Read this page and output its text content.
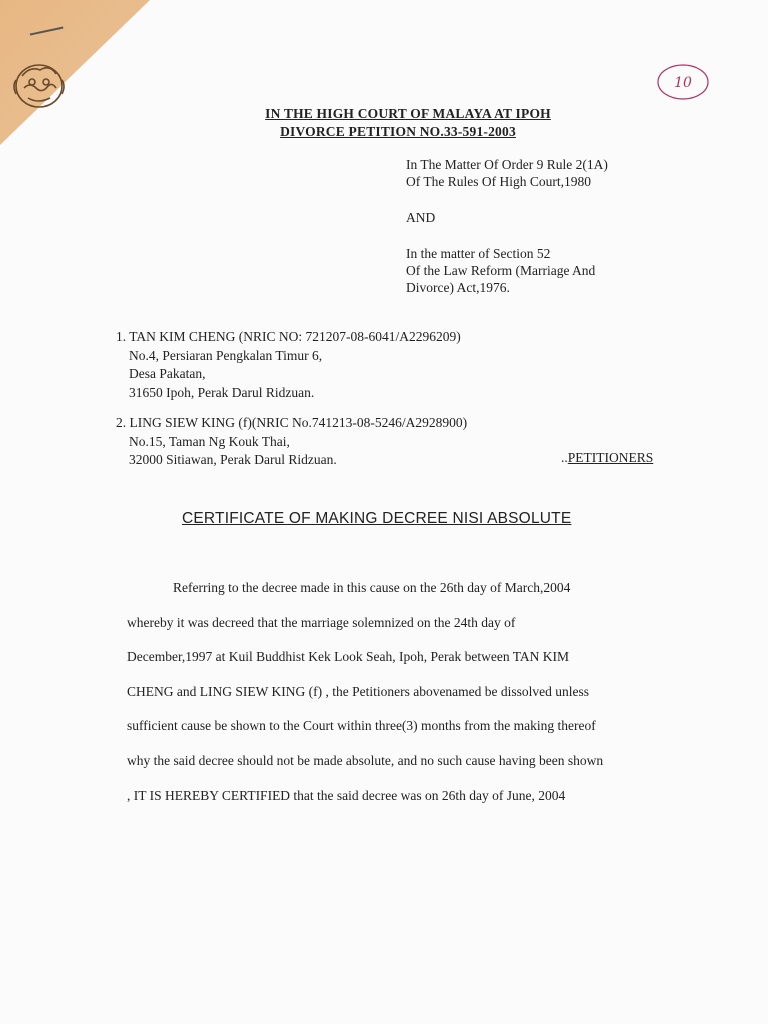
10
IN THE HIGH COURT OF MALAYA AT IPOH
DIVORCE PETITION NO.33-591-2003
In The Matter Of Order 9 Rule 2(1A)
Of The Rules Of High Court,1980
AND
In the matter of Section 52
Of the Law Reform (Marriage And
Divorce) Act,1976.
1. TAN KIM CHENG (NRIC NO: 721207-08-6041/A2296209)
No.4, Persiaran Pengkalan Timur 6,
Desa Pakatan,
31650 Ipoh, Perak Darul Ridzuan.
2. LING SIEW KING (f)(NRIC No.741213-08-5246/A2928900)
No.15, Taman Ng Kouk Thai,
32000 Sitiawan, Perak Darul Ridzuan.	..PETITIONERS
CERTIFICATE OF MAKING DECREE NISI ABSOLUTE
Referring to the decree made in this cause on the 26th day of March,2004
whereby it was decreed that the marriage solemnized on the 24th day of
December,1997 at Kuil Buddhist Kek Look Seah, Ipoh, Perak between TAN KIM
CHENG and LING SIEW KING (f) , the Petitioners abovenamed be dissolved unless
sufficient cause be shown to the Court within three(3) months from the making thereof
why the said decree should not be made absolute, and no such cause having been shown
, IT IS HEREBY CERTIFIED that the said decree was on 26th day of June, 2004
